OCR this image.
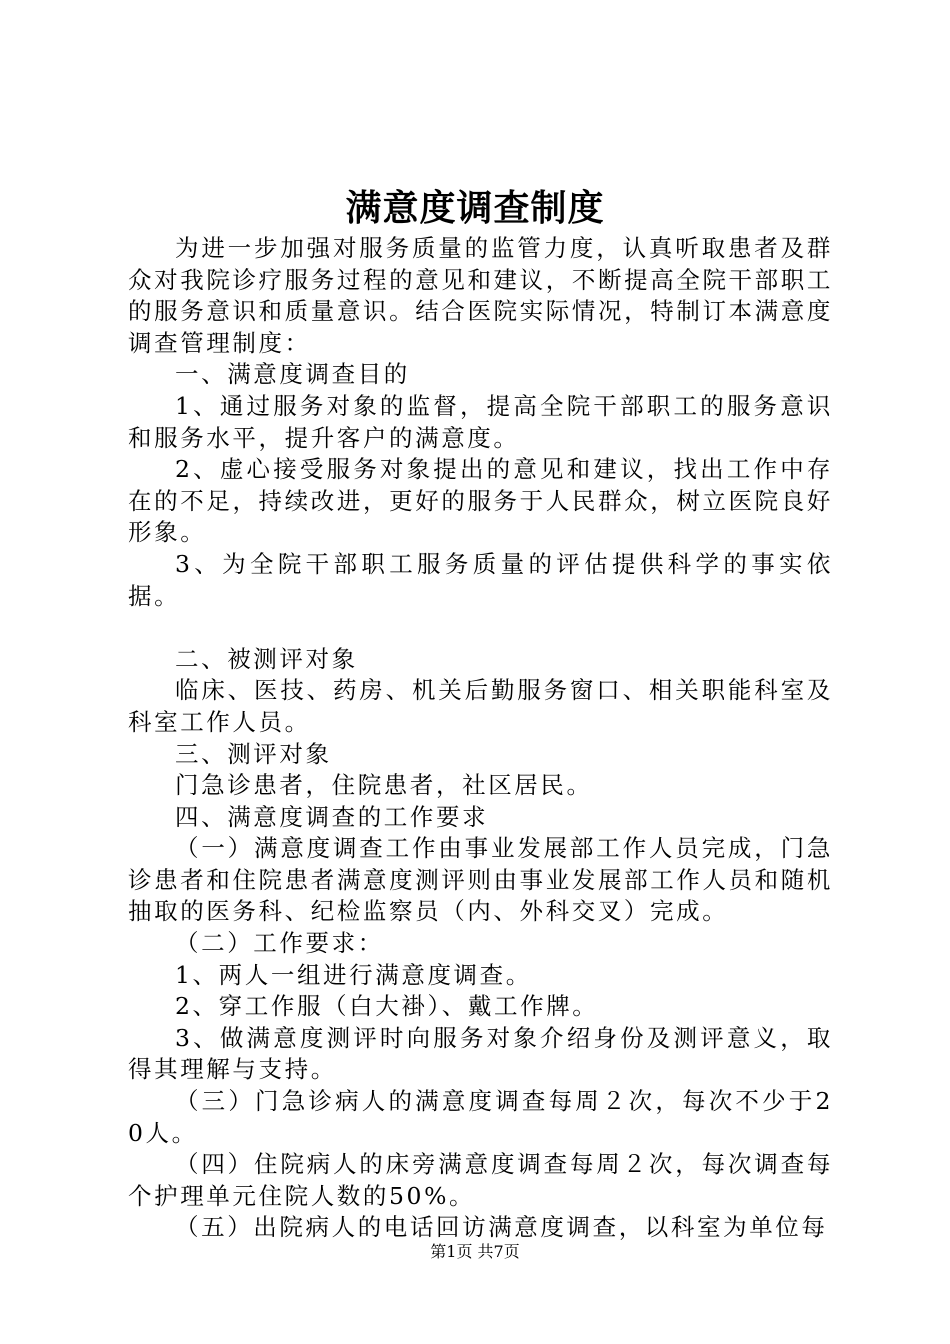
满意度调查制度

为进一步加强对服务质量的监管力度，认真听取患者及群众对我院诊疗服务过程的意见和建议，不断提高全院干部职工的服务意识和质量意识。结合医院实际情况，特制订本满意度调查管理制度：

一、满意度调查目的

1、通过服务对象的监督，提高全院干部职工的服务意识和服务水平，提升客户的满意度。

2、虚心接受服务对象提出的意见和建议，找出工作中存在的不足，持续改进，更好的服务于人民群众，树立医院良好形象。

3、为全院干部职工服务质量的评估提供科学的事实依据。

二、被测评对象

临床、医技、药房、机关后勤服务窗口、相关职能科室及科室工作人员。

三、测评对象

门急诊患者，住院患者，社区居民。

四、满意度调查的工作要求

（一）满意度调查工作由事业发展部工作人员完成，门急诊患者和住院患者满意度测评则由事业发展部工作人员和随机抽取的医务科、纪检监察员（内、外科交叉）完成。

（二）工作要求：

1、两人一组进行满意度调查。

2、穿工作服（白大褂）、戴工作牌。

3、做满意度测评时向服务对象介绍身份及测评意义，取得其理解与支持。

（三）门急诊病人的满意度调查每周２次，每次不少于20人。

（四）住院病人的床旁满意度调查每周２次，每次调查每个护理单元住院人数的50%。

（五）出院病人的电话回访满意度调查，以科室为单位每

第1页 共7页
